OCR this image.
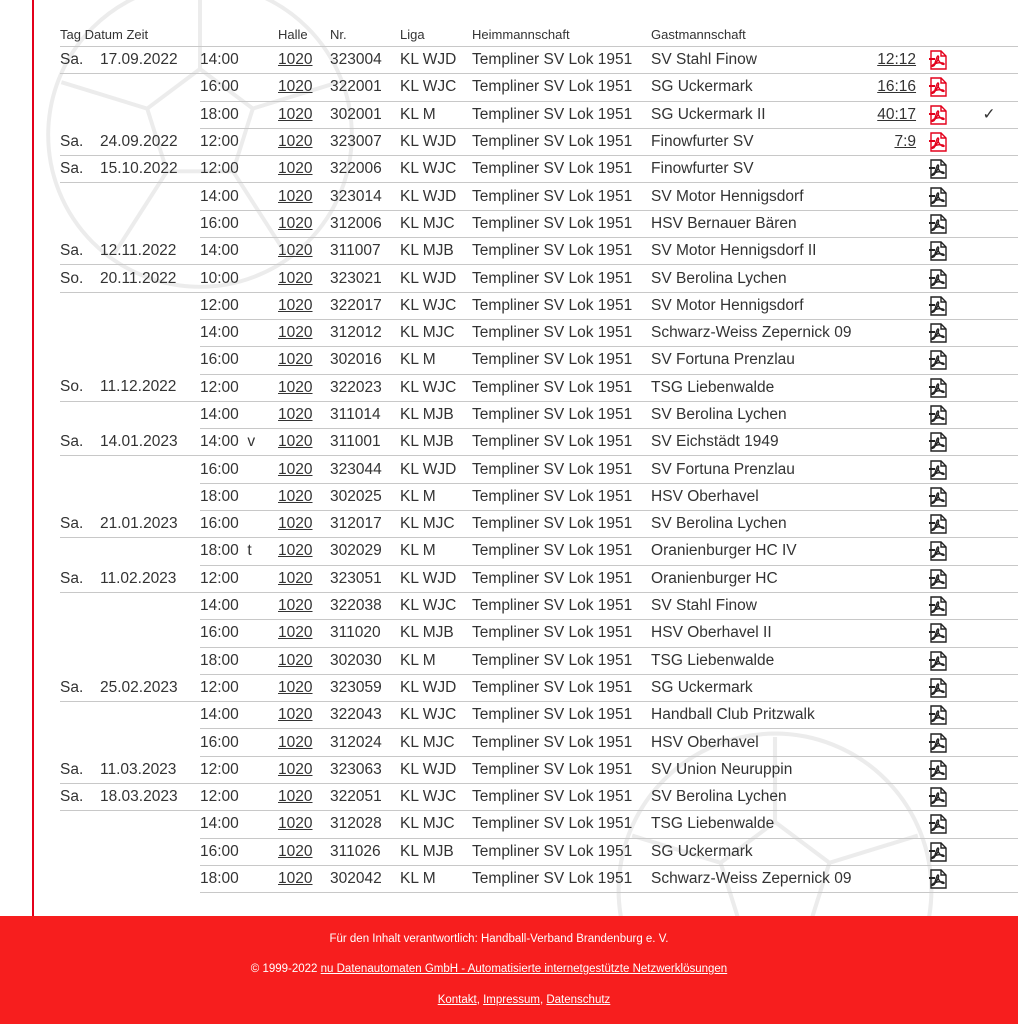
Tag Datum Zeit			Halle	Nr.	Liga	Heimmannschaft	Gastmannschaft			
Sa.	17.09.2022	14:00	1020	323004	KL WJD	Templiner SV Lok 1951	SV Stahl Finow	12:12	

		16:00	1020	322001	KL WJC	Templiner SV Lok 1951	SG Uckermark	16:16	

		18:00	1020	302001	KL M	Templiner SV Lok 1951	SG Uckermark II	40:17		✓
Sa.	24.09.2022	12:00	1020	323007	KL WJD	Templiner SV Lok 1951	Finowfurter SV	7:9	

Sa.	15.10.2022	12:00	1020	322006	KL WJC	Templiner SV Lok 1951	Finowfurter SV		

		14:00	1020	323014	KL WJD	Templiner SV Lok 1951	SV Motor Hennigsdorf		

		16:00	1020	312006	KL MJC	Templiner SV Lok 1951	HSV Bernauer Bären		

Sa.	12.11.2022	14:00	1020	311007	KL MJB	Templiner SV Lok 1951	SV Motor Hennigsdorf II		

So.	20.11.2022	10:00	1020	323021	KL WJD	Templiner SV Lok 1951	SV Berolina Lychen		

		12:00	1020	322017	KL WJC	Templiner SV Lok 1951	SV Motor Hennigsdorf		

		14:00	1020	312012	KL MJC	Templiner SV Lok 1951	Schwarz-Weiss Zepernick 09		

		16:00	1020	302016	KL M	Templiner SV Lok 1951	SV Fortuna Prenzlau		

So.	11.12.2022	12:00	1020	322023	KL WJC	Templiner SV Lok 1951	TSG Liebenwalde		

		14:00	1020	311014	KL MJB	Templiner SV Lok 1951	SV Berolina Lychen		

Sa.	14.01.2023	14:00  v	1020	311001	KL MJB	Templiner SV Lok 1951	SV Eichstädt 1949		

		16:00	1020	323044	KL WJD	Templiner SV Lok 1951	SV Fortuna Prenzlau		

		18:00	1020	302025	KL M	Templiner SV Lok 1951	HSV Oberhavel		

Sa.	21.01.2023	16:00	1020	312017	KL MJC	Templiner SV Lok 1951	SV Berolina Lychen		

		18:00  t	1020	302029	KL M	Templiner SV Lok 1951	Oranienburger HC IV		

Sa.	11.02.2023	12:00	1020	323051	KL WJD	Templiner SV Lok 1951	Oranienburger HC		

		14:00	1020	322038	KL WJC	Templiner SV Lok 1951	SV Stahl Finow		

		16:00	1020	311020	KL MJB	Templiner SV Lok 1951	HSV Oberhavel II		

		18:00	1020	302030	KL M	Templiner SV Lok 1951	TSG Liebenwalde		

Sa.	25.02.2023	12:00	1020	323059	KL WJD	Templiner SV Lok 1951	SG Uckermark		

		14:00	1020	322043	KL WJC	Templiner SV Lok 1951	Handball Club Pritzwalk		

		16:00	1020	312024	KL MJC	Templiner SV Lok 1951	HSV Oberhavel		

Sa.	11.03.2023	12:00	1020	323063	KL WJD	Templiner SV Lok 1951	SV Union Neuruppin		

Sa.	18.03.2023	12:00	1020	322051	KL WJC	Templiner SV Lok 1951	SV Berolina Lychen		

		14:00	1020	312028	KL MJC	Templiner SV Lok 1951	TSG Liebenwalde		

		16:00	1020	311026	KL MJB	Templiner SV Lok 1951	SG Uckermark		

		18:00	1020	302042	KL M	Templiner SV Lok 1951	Schwarz-Weiss Zepernick 09		

Für den Inhalt verantwortlich: Handball-Verband Brandenburg e. V.
© 1999-2022 nu Datenautomaten GmbH - Automatisierte internetgestützte Netzwerklösungen
Kontakt, Impressum, Datenschutz
